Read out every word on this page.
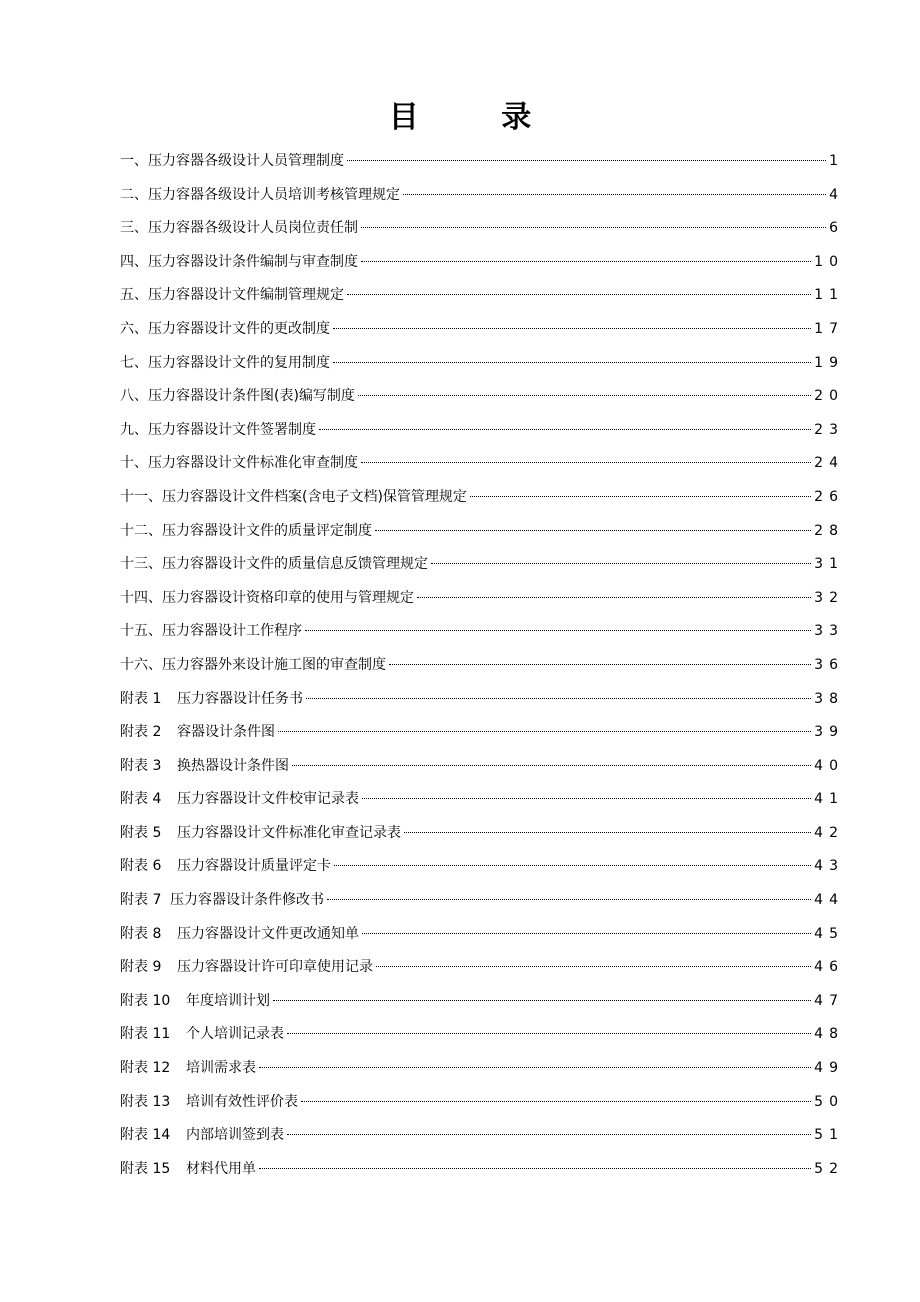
目 录
一、压力容器各级设计人员管理制度	1
二、压力容器各级设计人员培训考核管理规定	4
三、压力容器各级设计人员岗位责任制	6
四、压力容器设计条件编制与审查制度	10
五、压力容器设计文件编制管理规定	11
六、压力容器设计文件的更改制度	17
七、压力容器设计文件的复用制度	19
八、压力容器设计条件图(表)编写制度	20
九、压力容器设计文件签署制度	23
十、压力容器设计文件标准化审查制度	24
十一、压力容器设计文件档案(含电子文档)保管管理规定	26
十二、压力容器设计文件的质量评定制度	28
十三、压力容器设计文件的质量信息反馈管理规定	31
十四、压力容器设计资格印章的使用与管理规定	32
十五、压力容器设计工作程序	33
十六、压力容器外来设计施工图的审查制度	36
附表 1 压力容器设计任务书	38
附表 2 容器设计条件图	39
附表 3 换热器设计条件图	40
附表 4 压力容器设计文件校审记录表	41
附表 5 压力容器设计文件标准化审查记录表	42
附表 6 压力容器设计质量评定卡	43
附表 7 压力容器设计条件修改书	44
附表 8 压力容器设计文件更改通知单	45
附表 9 压力容器设计许可印章使用记录	46
附表 10 年度培训计划	47
附表 11 个人培训记录表	48
附表 12 培训需求表	49
附表 13 培训有效性评价表	50
附表 14 内部培训签到表	51
附表 15 材料代用单	52
